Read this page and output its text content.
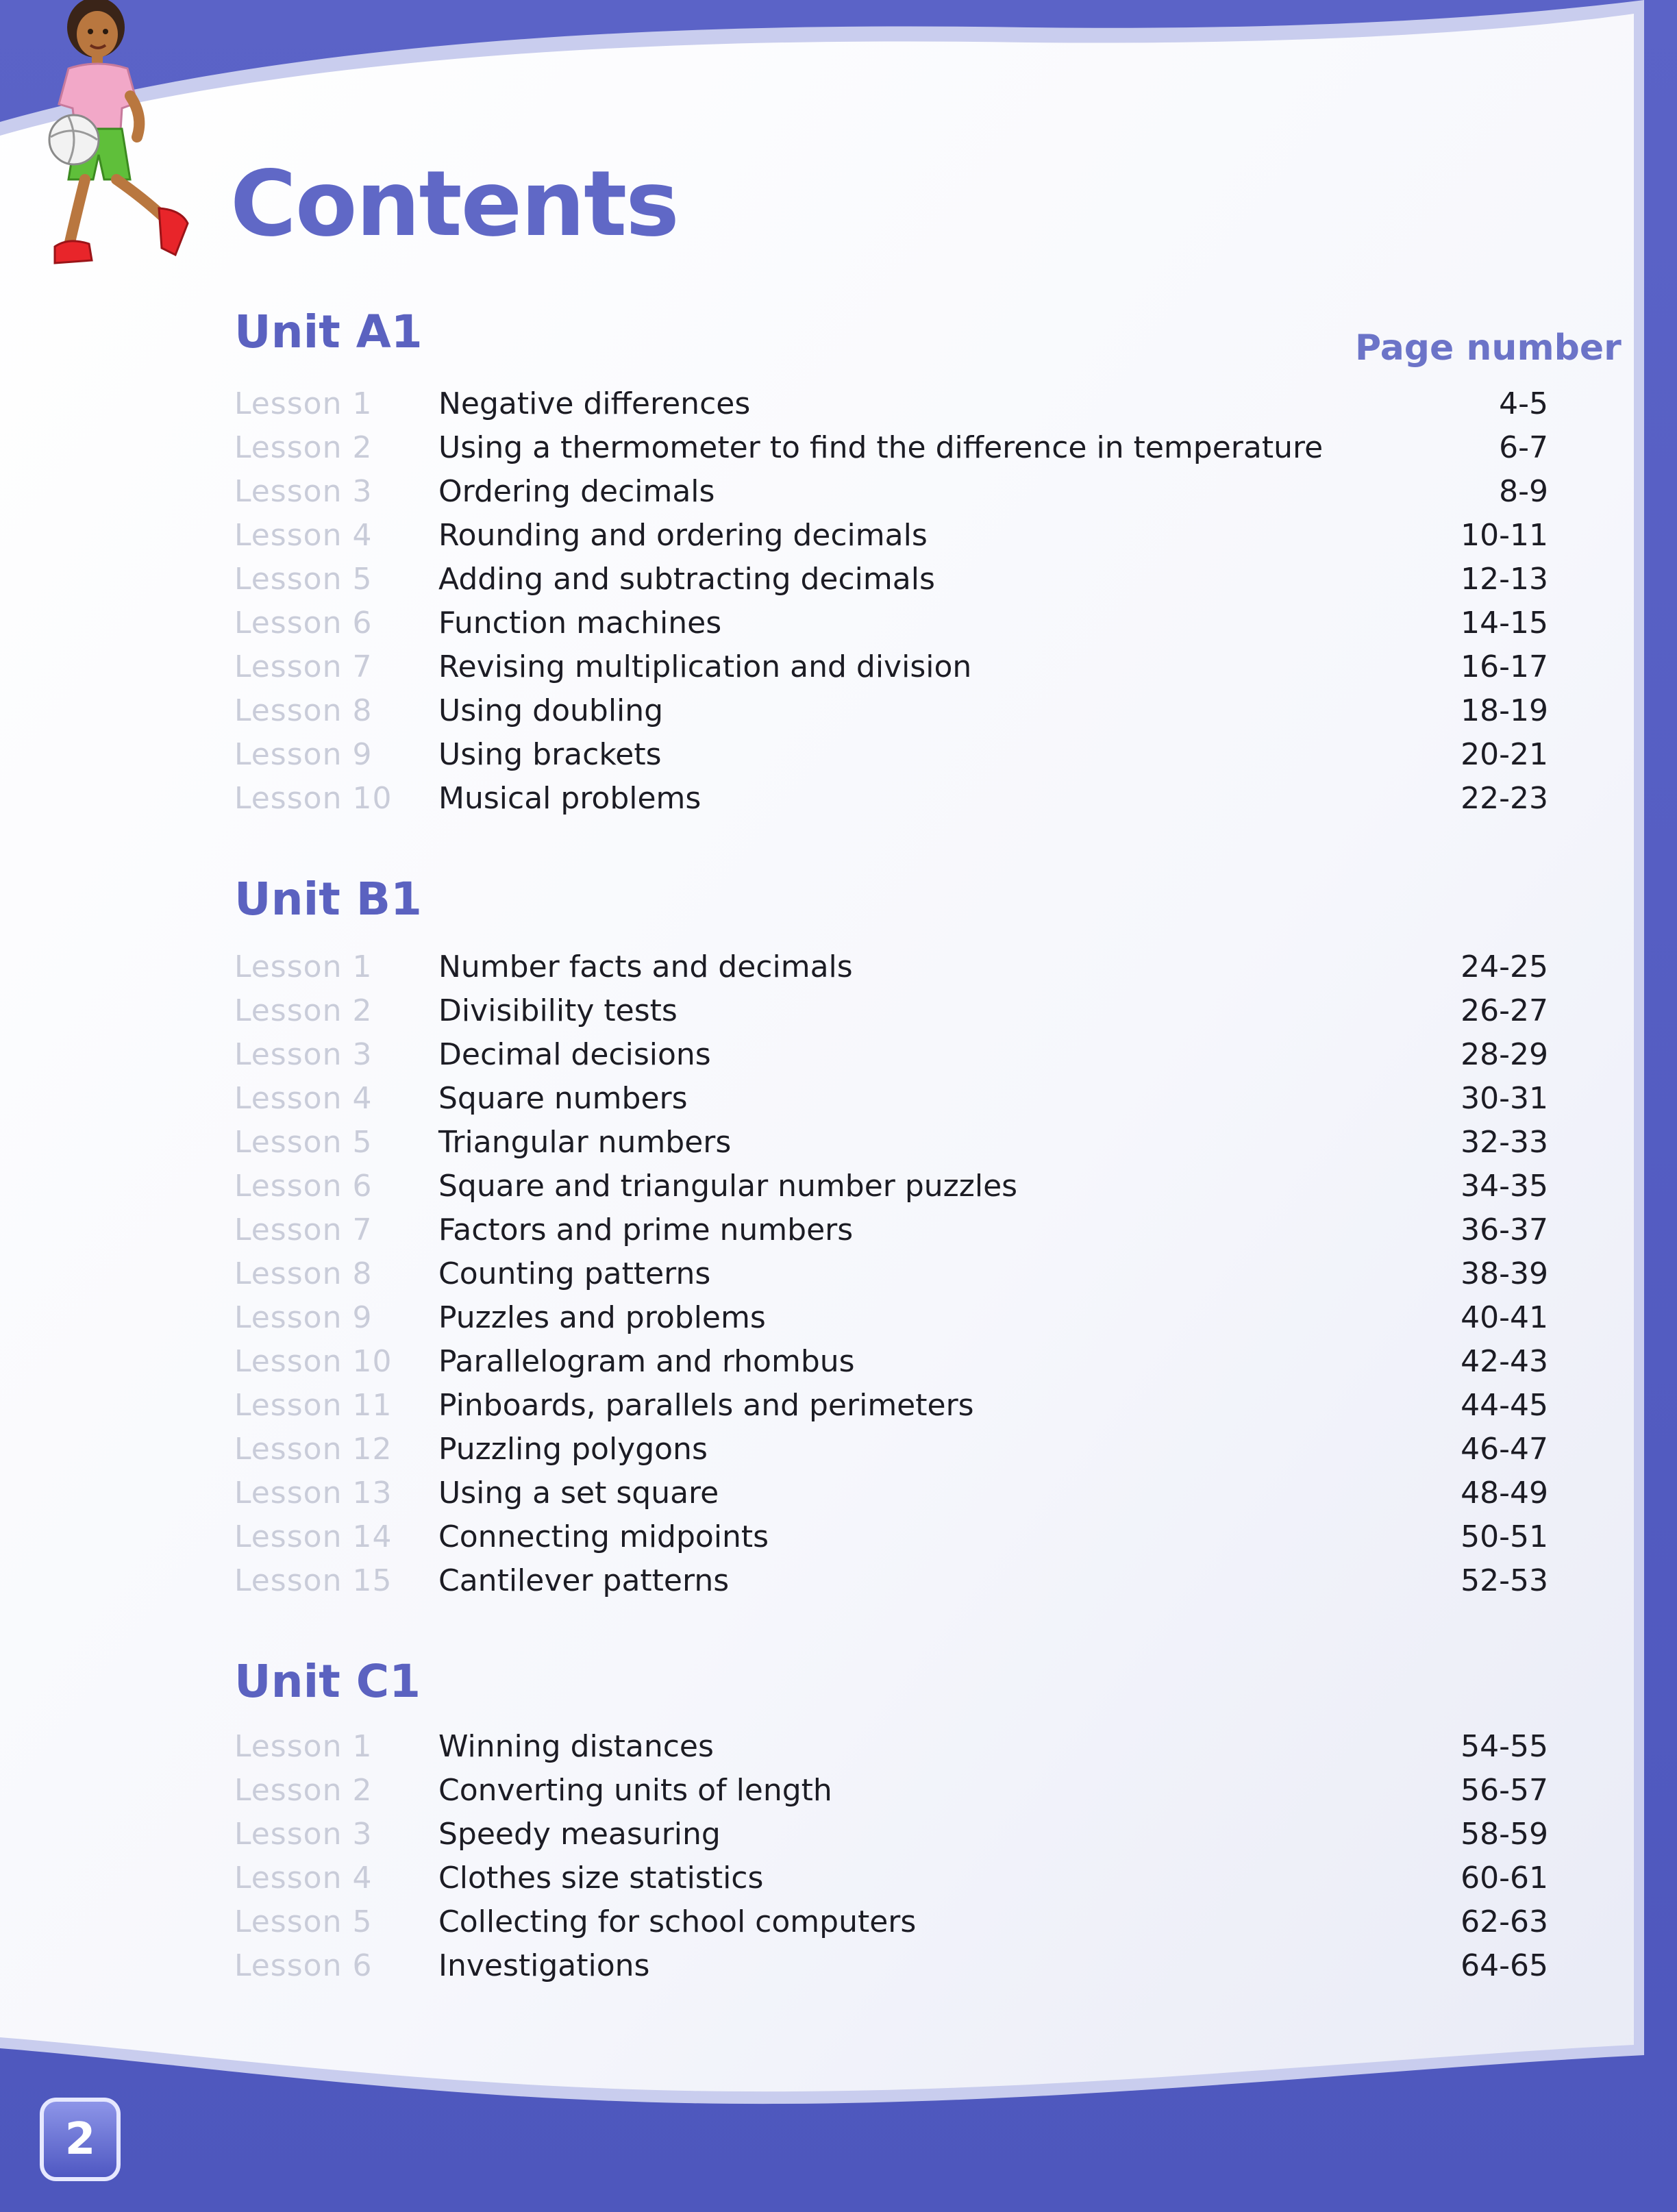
Contents
Page number
Unit A1
Lesson 1 Negative differences	4-5
Lesson 2 Using a thermometer to find the difference in temperature	6-7
Lesson 3 Ordering decimals	8-9
Lesson 4 Rounding and ordering decimals	10-11
Lesson 5 Adding and subtracting decimals	12-13
Lesson 6 Function machines	14-15
Lesson 7 Revising multiplication and division	16-17
Lesson 8 Using doubling	18-19
Lesson 9 Using brackets	20-21
Lesson 10 Musical problems	22-23
Unit B1
Lesson 1 Number facts and decimals	24-25
Lesson 2 Divisibility tests	26-27
Lesson 3 Decimal decisions	28-29
Lesson 4 Square numbers	30-31
Lesson 5 Triangular numbers	32-33
Lesson 6 Square and triangular number puzzles	34-35
Lesson 7 Factors and prime numbers	36-37
Lesson 8 Counting patterns	38-39
Lesson 9 Puzzles and problems	40-41
Lesson 10 Parallelogram and rhombus	42-43
Lesson 11 Pinboards, parallels and perimeters	44-45
Lesson 12 Puzzling polygons	46-47
Lesson 13 Using a set square	48-49
Lesson 14 Connecting midpoints	50-51
Lesson 15 Cantilever patterns	52-53
Unit C1
Lesson 1 Winning distances	54-55
Lesson 2 Converting units of length	56-57
Lesson 3 Speedy measuring	58-59
Lesson 4 Clothes size statistics	60-61
Lesson 5 Collecting for school computers	62-63
Lesson 6 Investigations	64-65
2
